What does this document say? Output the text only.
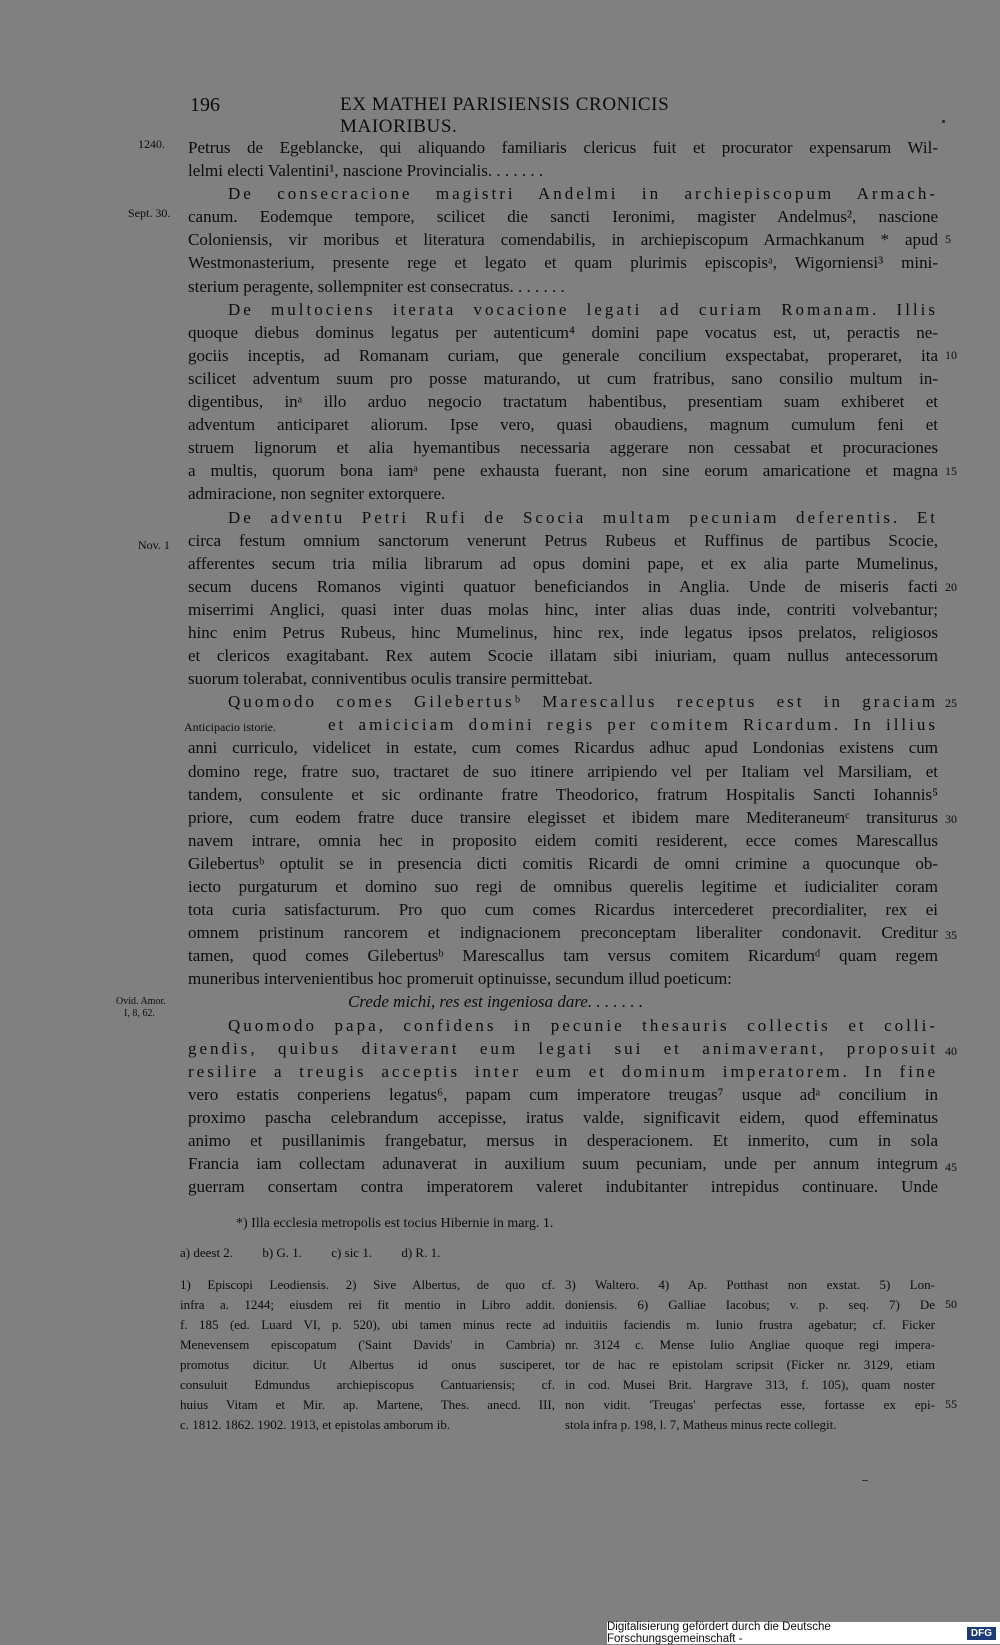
196	EX MATHEI PARISIENSIS CRONICIS MAIORIBUS.
1240.
Sept. 30.
Nov. 1
Anticipacio istorie.
Ovid. Amor.
I, 8, 62.
5
10
15
20
25
30
35
40
45
Petrus de Egeblancke, qui aliquando familiaris clericus fuit et procurator expensarum Wil-
lelmi electi Valentini¹, nascione Provincialis. . . . . . .
De consecracione magistri Andelmi in archiepiscopum Armach-
canum. Eodemque tempore, scilicet die sancti Ieronimi, magister Andelmus², nascione
Coloniensis, vir moribus et literatura comendabilis, in archiepiscopum Armachkanum * apud
Westmonasterium, presente rege et legato et quam plurimis episcopisᵃ, Wigorniensi³ mini-
sterium peragente, sollempniter est consecratus. . . . . . .
De multociens iterata vocacione legati ad curiam Romanam. Illis
quoque diebus dominus legatus per autenticum⁴ domini pape vocatus est, ut, peractis ne-
gociis inceptis, ad Romanam curiam, que generale concilium exspectabat, properaret, ita
scilicet adventum suum pro posse maturando, ut cum fratribus, sano consilio multum in-
digentibus, inᵃ illo arduo negocio tractatum habentibus, presentiam suam exhiberet et
adventum anticiparet aliorum. Ipse vero, quasi obaudiens, magnum cumulum feni et
struem lignorum et alia hyemantibus necessaria aggerare non cessabat et procuraciones
a multis, quorum bona iamᵃ pene exhausta fuerant, non sine eorum amaricatione et magna
admiracione, non segniter extorquere.
De adventu Petri Rufi de Scocia multam pecuniam deferentis. Et
circa festum omnium sanctorum venerunt Petrus Rubeus et Ruffinus de partibus Scocie,
afferentes secum tria milia librarum ad opus domini pape, et ex alia parte Mumelinus,
secum ducens Romanos viginti quatuor beneficiandos in Anglia. Unde de miseris facti
miserrimi Anglici, quasi inter duas molas hinc, inter alias duas inde, contriti volvebantur;
hinc enim Petrus Rubeus, hinc Mumelinus, hinc rex, inde legatus ipsos prelatos, religiosos
et clericos exagitabant. Rex autem Scocie illatam sibi iniuriam, quam nullus antecessorum
suorum tolerabat, conniventibus oculis transire permittebat.
Quomodo comes Gilebertusᵇ Marescallus receptus est in graciam
et amiciciam domini regis per comitem Ricardum. In illius
anni curriculo, videlicet in estate, cum comes Ricardus adhuc apud Londonias existens cum
domino rege, fratre suo, tractaret de suo itinere arripiendo vel per Italiam vel Marsiliam, et
tandem, consulente et sic ordinante fratre Theodorico, fratrum Hospitalis Sancti Iohannis⁵
priore, cum eodem fratre duce transire elegisset et ibidem mare Mediteraneumᶜ transiturus
navem intrare, omnia hec in proposito eidem comiti residerent, ecce comes Marescallus
Gilebertusᵇ optulit se in presencia dicti comitis Ricardi de omni crimine a quocunque ob-
iecto purgaturum et domino suo regi de omnibus querelis legitime et iudicialiter coram
tota curia satisfacturum. Pro quo cum comes Ricardus intercederet precordialiter, rex ei
omnem pristinum rancorem et indignacionem preconceptam liberaliter condonavit. Creditur
tamen, quod comes Gilebertusᵇ Marescallus tam versus comitem Ricardumᵈ quam regem
muneribus intervenientibus hoc promeruit optinuisse, secundum illud poeticum:
Crede michi, res est ingeniosa dare. . . . . . .
Quomodo papa, confidens in pecunie thesauris collectis et colli-
gendis, quibus ditaverant eum legati sui et animaverant, proposuit
resilire a treugis acceptis inter eum et dominum imperatorem. In fine
vero estatis conperiens legatus⁶, papam cum imperatore treugas⁷ usque adᵃ concilium in
proximo pascha celebrandum accepisse, iratus valde, significavit eidem, quod effeminatus
animo et pusillanimis frangebatur, mersus in desperacionem. Et inmerito, cum in sola
Francia iam collectam adunaverat in auxilium suum pecuniam, unde per annum integrum
guerram consertam contra imperatorem valeret indubitanter intrepidus continuare. Unde
*) Illa ecclesia metropolis est tocius Hibernie in marg. 1.
a) deest 2. b) G. 1. c) sic 1. d) R. 1.
1) Episcopi Leodiensis. 2) Sive Albertus, de quo cf.
infra a. 1244; eiusdem rei fit mentio in Libro addit.
f. 185 (ed. Luard VI, p. 520), ubi tamen minus recte ad
Menevensem episcopatum ('Saint Davids' in Cambria)
promotus dicitur. Ut Albertus id onus susciperet,
consuluit Edmundus archiepiscopus Cantuariensis; cf.
huius Vitam et Mir. ap. Martene, Thes. anecd. III,
c. 1812. 1862. 1902. 1913, et epistolas amborum ib.
3) Waltero. 4) Ap. Potthast non exstat. 5) Lon-
doniensis. 6) Galliae Iacobus; v. p. seq. 7) De
induitiis faciendis m. Iunio frustra agebatur; cf. Ficker
nr. 3124 c. Mense Iulio Angliae quoque regi impera-
tor de hac re epistolam scripsit (Ficker nr. 3129, etiam
in cod. Musei Brit. Hargrave 313, f. 105), quam noster
non vidit. 'Treugas' perfectas esse, fortasse ex epi-
stola infra p. 198, l. 7, Matheus minus recte collegit.
50
55
Digitalisierung gefördert durch die Deutsche Forschungsgemeinschaft -	DFG
